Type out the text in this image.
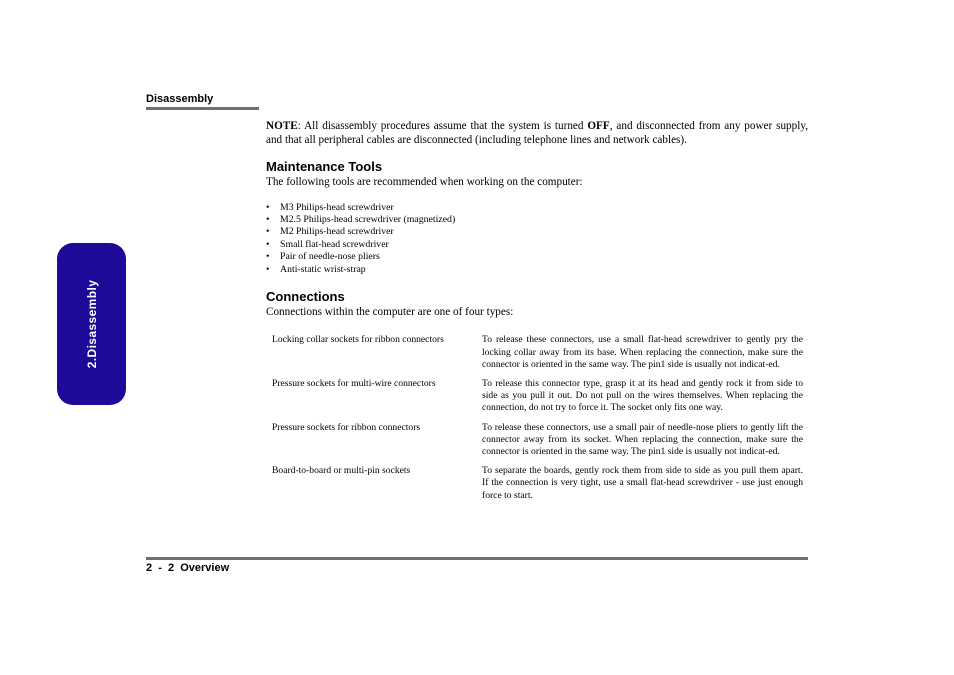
Disassembly
2.Disassembly

NOTE: All disassembly procedures assume that the system is turned OFF, and disconnected from any power supply, and that all peripheral cables are disconnected (including telephone lines and network cables).

Maintenance Tools

The following tools are recommended when working on the computer:

• M3 Philips-head screwdriver
• M2.5 Philips-head screwdriver (magnetized)
• M2 Philips-head screwdriver
• Small flat-head screwdriver
• Pair of needle-nose pliers
• Anti-static wrist-strap
Connections

Connections within the computer are one of four types:

Locking collar sockets for ribbon connectors	To release these connectors, use a small flat-head screwdriver to gently pry the locking collar away from its base. When replacing the connection, make sure the connector is oriented in the same way. The pin1 side is usually not indicat-ed.
Pressure sockets for multi-wire connectors	To release this connector type, grasp it at its head and gently rock it from side to side as you pull it out. Do not pull on the wires themselves. When replacing the connection, do not try to force it. The socket only fits one way.
Pressure sockets for ribbon connectors	To release these connectors, use a small pair of needle-nose pliers to gently lift the connector away from its socket. When replacing the connection, make sure the connector is oriented in the same way. The pin1 side is usually not indicat-ed.
Board-to-board or multi-pin sockets	To separate the boards, gently rock them from side to side as you pull them apart. If the connection is very tight, use a small flat-head screwdriver - use just enough force to start.
2  -  2  Overview
